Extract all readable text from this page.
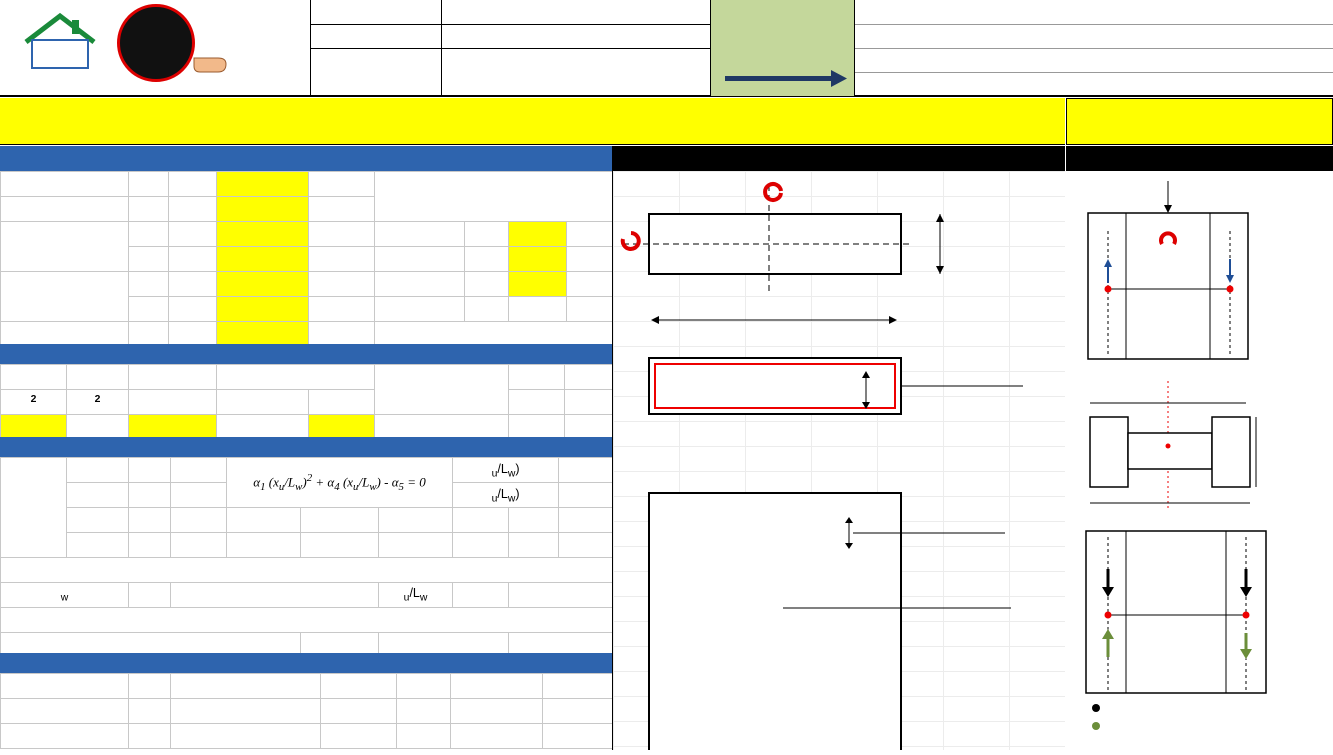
$^2$	$^2$					

				$\alpha_1$ $(x_u/L_w)^2 + \alpha_4$ $(x_u/L_w) - \alpha_5 = 0$			$_u/L_w$)		
							$_u/L_w$)		

$_w$						$_u/L_w$		
